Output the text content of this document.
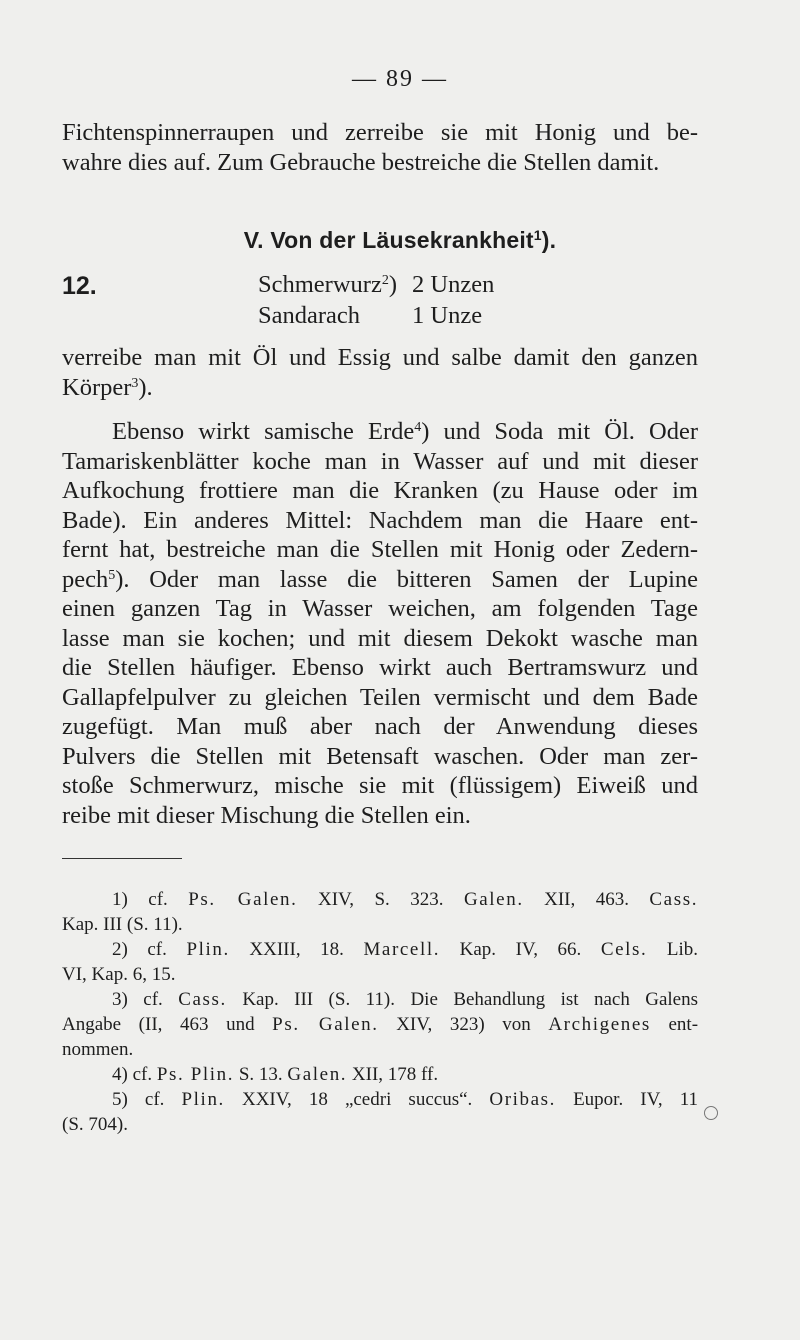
— 89 —
Fichtenspinnerraupen und zerreibe sie mit Honig und be-
wahre dies auf. Zum Gebrauche bestreiche die Stellen damit.
V. Von der Läusekrankheit$^1$).
12.	Schmerwurz$^2$) 2 Unzen
Sandarach 1 Unze
verreibe man mit Öl und Essig und salbe damit den ganzen
Körper$^3$).
Ebenso wirkt samische Erde$^4$) und Soda mit Öl. Oder
Tamariskenblätter koche man in Wasser auf und mit dieser
Aufkochung frottiere man die Kranken (zu Hause oder im
Bade). Ein anderes Mittel: Nachdem man die Haare ent-
fernt hat, bestreiche man die Stellen mit Honig oder Zedern-
pech$^5$). Oder man lasse die bitteren Samen der Lupine
einen ganzen Tag in Wasser weichen, am folgenden Tage
lasse man sie kochen; und mit diesem Dekokt wasche man
die Stellen häufiger. Ebenso wirkt auch Bertramswurz und
Gallapfelpulver zu gleichen Teilen vermischt und dem Bade
zugefügt. Man muß aber nach der Anwendung dieses
Pulvers die Stellen mit Betensaft waschen. Oder man zer-
stoße Schmerwurz, mische sie mit (flüssigem) Eiweiß und
reibe mit dieser Mischung die Stellen ein.
1) cf. Ps. Galen. XIV, S. 323. Galen. XII, 463. Cass.
Kap. III (S. 11).
2) cf. Plin. XXIII, 18. Marcell. Kap. IV, 66. Cels. Lib.
VI, Kap. 6, 15.
3) cf. Cass. Kap. III (S. 11). Die Behandlung ist nach Galens
Angabe (II, 463 und Ps. Galen. XIV, 323) von Archigenes ent-
nommen.
4) cf. Ps. Plin. S. 13. Galen. XII, 178 ff.
5) cf. Plin. XXIV, 18 „cedri succus“. Oribas. Eupor. IV, 11
(S. 704).
